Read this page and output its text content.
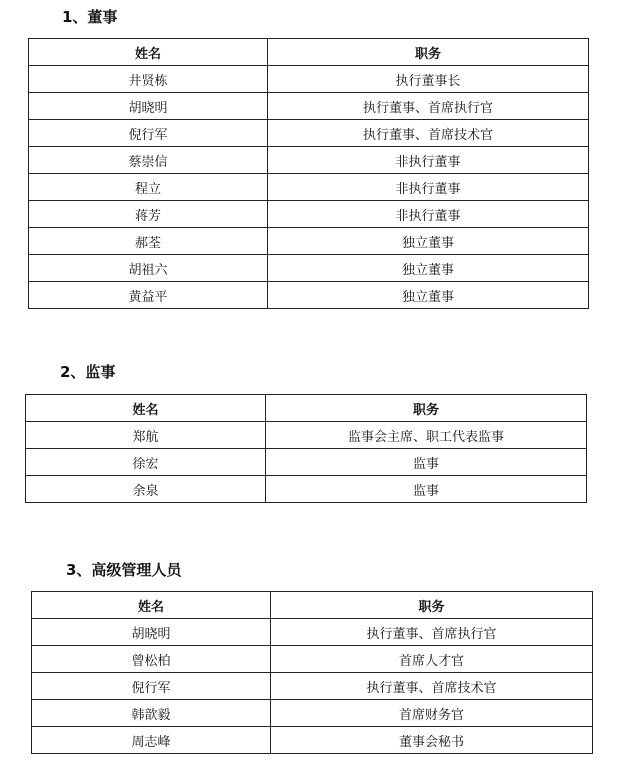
1、董事
姓名	职务
井贤栋	执行董事长
胡晓明	执行董事、首席执行官
倪行军	执行董事、首席技术官
蔡崇信	非执行董事
程立	非执行董事
蒋芳	非执行董事
郝荃	独立董事
胡祖六	独立董事
黄益平	独立董事
2、监事
姓名	职务
郑航	监事会主席、职工代表监事
徐宏	监事
余泉	监事
3、高级管理人员
姓名	职务
胡晓明	执行董事、首席执行官
曾松柏	首席人才官
倪行军	执行董事、首席技术官
韩歆毅	首席财务官
周志峰	董事会秘书
